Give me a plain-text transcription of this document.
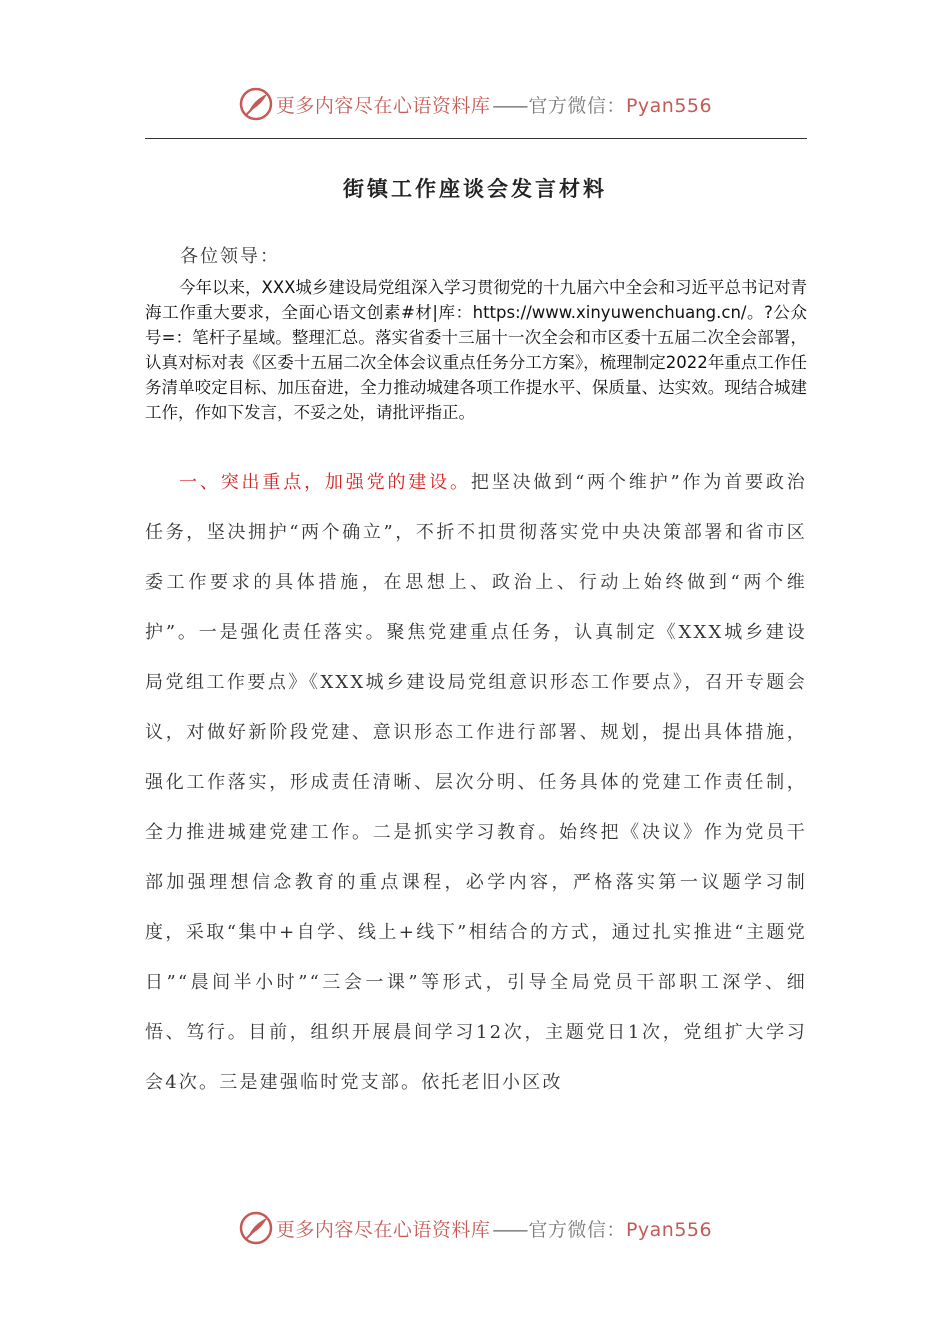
更多内容尽在心语资料库 —— 官方微信：Pyan556
街镇工作座谈会发言材料
各位领导：

今年以来，XXX城乡建设局党组深入学习贯彻党的十九届六中全会和习近平总书记对青海工作重大要求，全面心语文创素#材|库：https://www.xinyuwenchuang.cn/。?公众号=：笔杆子星域。整理汇总。落实省委十三届十一次全会和市区委十五届二次全会部署，认真对标对表《区委十五届二次全体会议重点任务分工方案》，梳理制定2022年重点工作任务清单咬定目标、加压奋进，全力推动城建各项工作提水平、保质量、达实效。现结合城建工作，作如下发言，不妥之处，请批评指正。

一、突出重点，加强党的建设。把坚决做到“两个维护”作为首要政治任务，坚决拥护“两个确立”，不折不扣贯彻落实党中央决策部署和省市区委工作要求的具体措施，在思想上、政治上、行动上始终做到“两个维护”。一是强化责任落实。聚焦党建重点任务，认真制定《XXX城乡建设局党组工作要点》《XXX城乡建设局党组意识形态工作要点》，召开专题会议，对做好新阶段党建、意识形态工作进行部署、规划，提出具体措施，强化工作落实，形成责任清晰、层次分明、任务具体的党建工作责任制，全力推进城建党建工作。二是抓实学习教育。始终把《决议》作为党员干部加强理想信念教育的重点课程，必学内容，严格落实第一议题学习制度，采取“集中+自学、线上+线下”相结合的方式，通过扎实推进“主题党日”“晨间半小时”“三会一课”等形式，引导全局党员干部职工深学、细悟、笃行。目前，组织开展晨间学习12次，主题党日1次，党组扩大学习会4次。三是建强临时党支部。依托老旧小区改

更多内容尽在心语资料库 —— 官方微信：Pyan556
